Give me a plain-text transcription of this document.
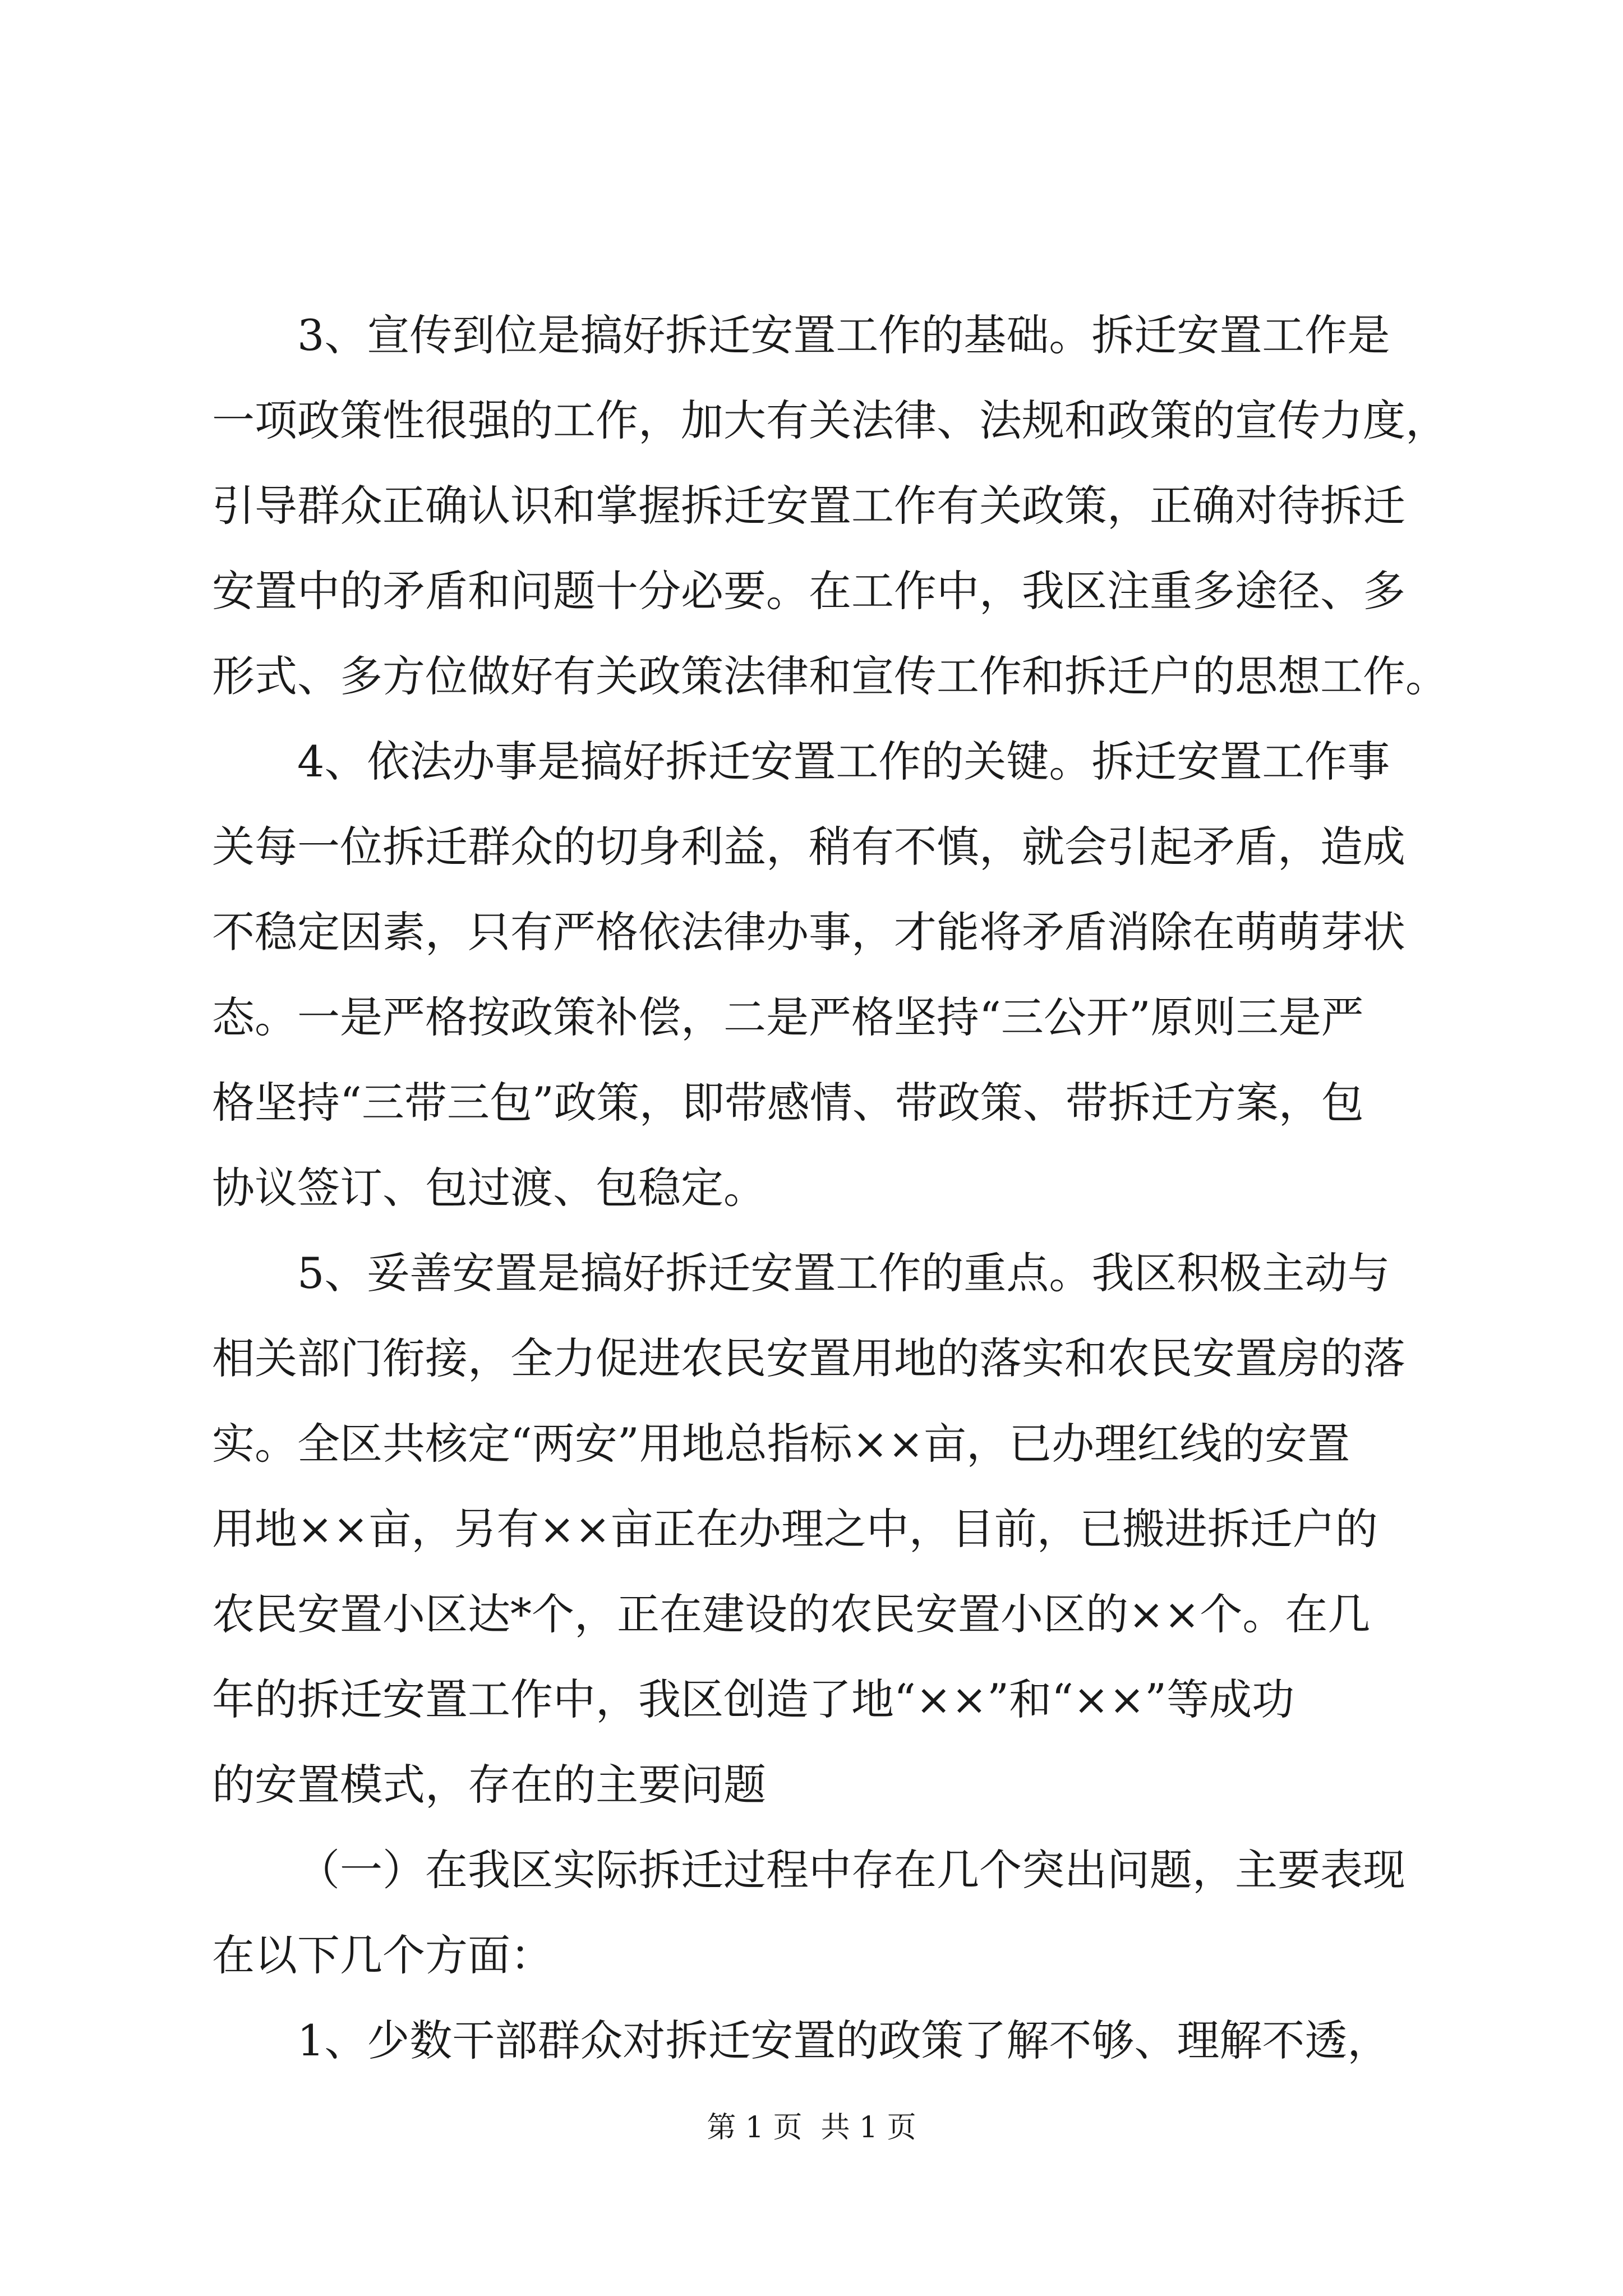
3、宣传到位是搞好拆迁安置工作的基础。拆迁安置工作是
一项政策性很强的工作，加大有关法律、法规和政策的宣传力度，
引导群众正确认识和掌握拆迁安置工作有关政策，正确对待拆迁
安置中的矛盾和问题十分必要。在工作中，我区注重多途径、多
形式、多方位做好有关政策法律和宣传工作和拆迁户的思想工作。
4、依法办事是搞好拆迁安置工作的关键。拆迁安置工作事
关每一位拆迁群众的切身利益，稍有不慎，就会引起矛盾，造成
不稳定因素，只有严格依法律办事，才能将矛盾消除在萌萌芽状
态。一是严格按政策补偿，二是严格坚持“三公开”原则三是严
格坚持“三带三包”政策，即带感情、带政策、带拆迁方案，包
协议签订、包过渡、包稳定。
5、妥善安置是搞好拆迁安置工作的重点。我区积极主动与
相关部门衔接，全力促进农民安置用地的落实和农民安置房的落
实。全区共核定“两安”用地总指标××亩，已办理红线的安置
用地××亩，另有××亩正在办理之中，目前，已搬进拆迁户的
农民安置小区达*个，正在建设的农民安置小区的××个。在几
年的拆迁安置工作中，我区创造了地“××”和“××”等成功
的安置模式，存在的主要问题
（一）在我区实际拆迁过程中存在几个突出问题，主要表现
在以下几个方面：
1、少数干部群众对拆迁安置的政策了解不够、理解不透，
第 1 页  共 1 页
